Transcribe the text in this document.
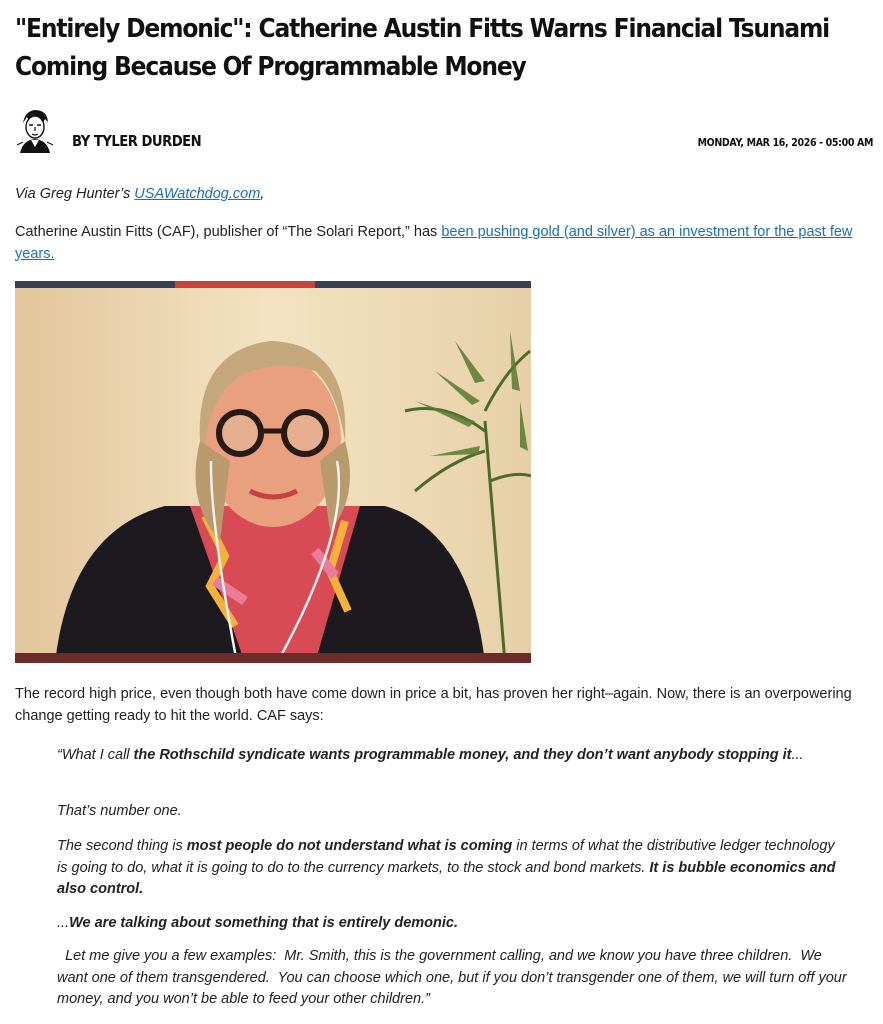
"Entirely Demonic": Catherine Austin Fitts Warns Financial Tsunami Coming Because Of Programmable Money
BY TYLER DURDEN	MONDAY, MAR 16, 2026 - 05:00 AM

Via Greg Hunter’s USAWatchdog.com,

Catherine Austin Fitts (CAF), publisher of “The Solari Report,” has been pushing gold (and silver) as an investment for the past few years.

The record high price, even though both have come down in price a bit, has proven her right–again. Now, there is an overpowering change getting ready to hit the world. CAF says:

“What I call the Rothschild syndicate wants programmable money, and they don’t want anybody stopping it...

That’s number one.

The second thing is most people do not understand what is coming in terms of what the distributive ledger technology is going to do, what it is going to do to the currency markets, to the stock and bond markets. It is bubble economics and also control.

...We are talking about something that is entirely demonic.

Let me give you a few examples:  Mr. Smith, this is the government calling, and we know you have three children.  We want one of them transgendered.  You can choose which one, but if you don’t transgender one of them, we will turn off your money, and you won’t be able to feed your other children.”
